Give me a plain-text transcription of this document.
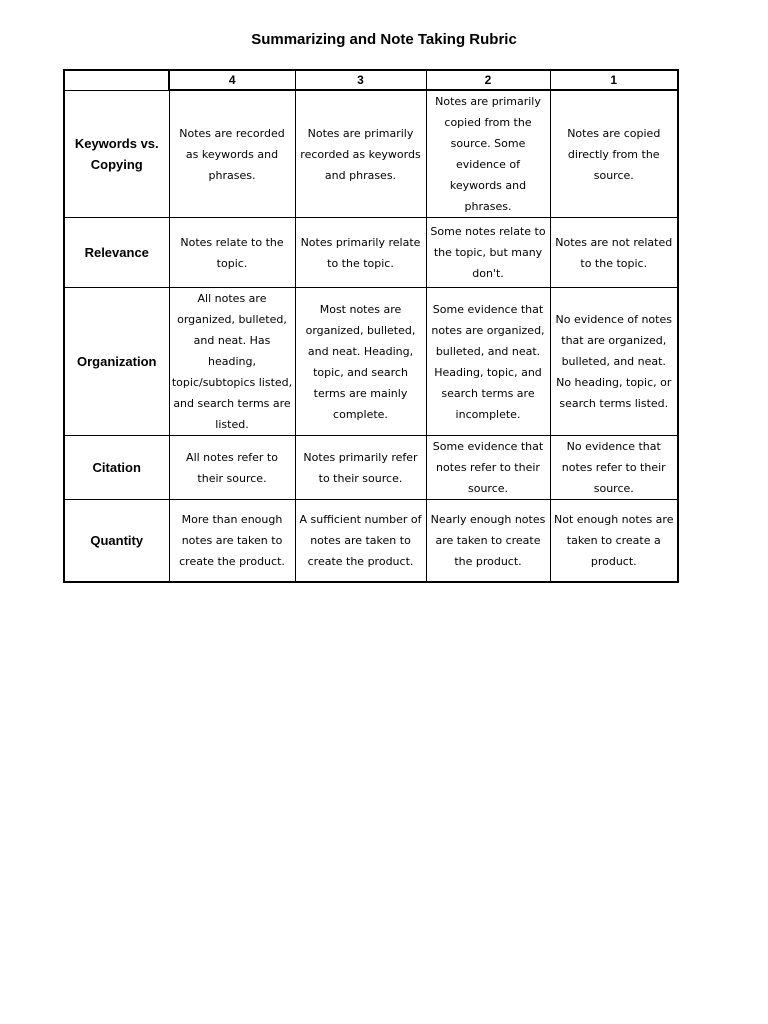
Summarizing and Note Taking Rubric
	4	3	2	1
Keywords vs. Copying	Notes are recorded as keywords and phrases.	Notes are primarily recorded as keywords and phrases.	Notes are primarily copied from the source. Some evidence of keywords and phrases.	Notes are copied directly from the source.
Relevance	Notes relate to the topic.	Notes primarily relate to the topic.	Some notes relate to the topic, but many don't.	Notes are not related to the topic.
Organization	All notes are organized, bulleted, and neat. Has heading, topic/subtopics listed, and search terms are listed.	Most notes are organized, bulleted, and neat. Heading, topic, and search terms are mainly complete.	Some evidence that notes are organized, bulleted, and neat. Heading, topic, and search terms are incomplete.	No evidence of notes that are organized, bulleted, and neat. No heading, topic, or search terms listed.
Citation	All notes refer to their source.	Notes primarily refer to their source.	Some evidence that notes refer to their source.	No evidence that notes refer to their source.
Quantity	More than enough notes are taken to create the product.	A sufficient number of notes are taken to create the product.	Nearly enough notes are taken to create the product.	Not enough notes are taken to create a product.
